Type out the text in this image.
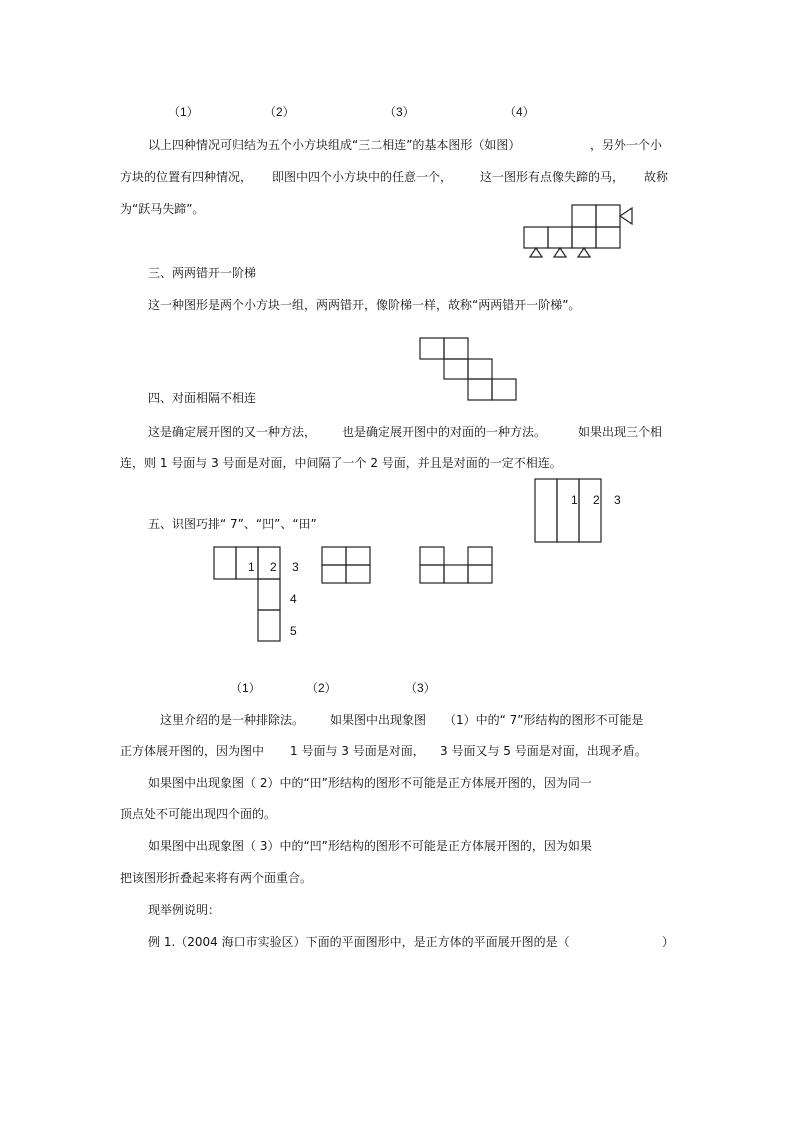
（1）	（2）	（3）	（4）
以上四种情况可归结为五个小方块组成“三二相连”的基本图形（如图）	，另外一个小
方块的位置有四种情况， 即图中四个小方块中的任意一个， 这一图形有点像失蹄的马， 故称
为“跃马失蹄”。
三、两两错开一阶梯
这一种图形是两个小方块一组，两两错开，像阶梯一样，故称“两两错开一阶梯”。
四、对面相隔不相连
这是确定展开图的又一种方法， 也是确定展开图中的对面的一种方法。	如果出现三个相
连，则 1 号面与 3 号面是对面，中间隔了一个 2 号面，并且是对面的一定不相连。
1 2 3
五、识图巧排“ 7”、“凹”、“田”
1 2 3
4
5
（1）	（2）	（3）
这里介绍的是一种排除法。 如果图中出现象图 （1）中的“ 7”形结构的图形不可能是
正方体展开图的，因为图中 1 号面与 3 号面是对面， 3 号面又与 5 号面是对面，出现矛盾。
如果图中出现象图（ 2）中的“田”形结构的图形不可能是正方体展开图的，因为同一
顶点处不可能出现四个面的。
如果图中出现象图（ 3）中的“凹”形结构的图形不可能是正方体展开图的，因为如果
把该图形折叠起来将有两个面重合。
现举例说明：
例 1.（2004 海口市实验区）下面的平面图形中，是正方体的平面展开图的是（	）
